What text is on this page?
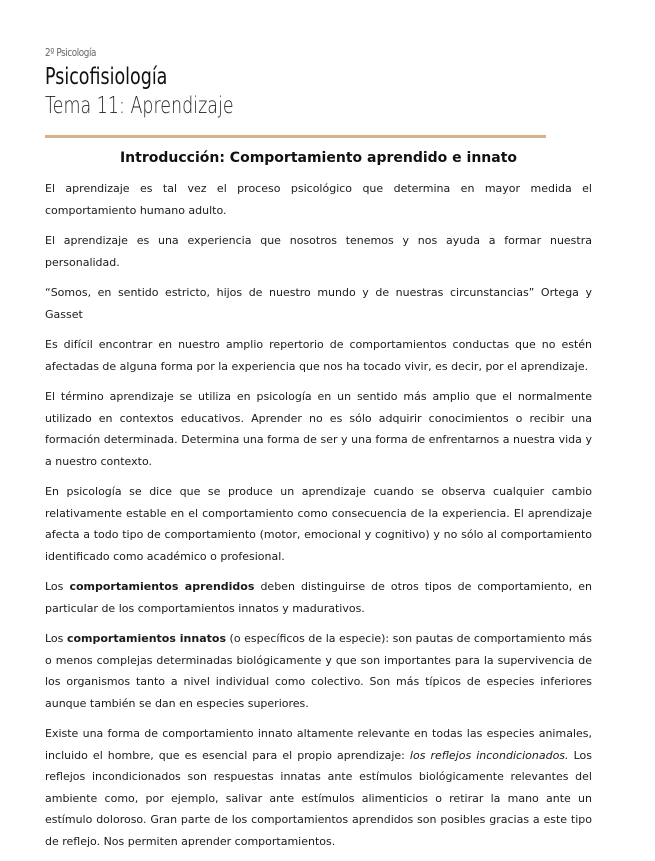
2º Psicología
Psicofisiología
Tema 11: Aprendizaje
Introducción: Comportamiento aprendido e innato

El aprendizaje es tal vez el proceso psicológico que determina en mayor medida el comportamiento humano adulto.

El aprendizaje es una experiencia que nosotros tenemos y nos ayuda a formar nuestra personalidad.

“Somos, en sentido estricto, hijos de nuestro mundo y de nuestras circunstancias” Ortega y Gasset

Es difícil encontrar en nuestro amplio repertorio de comportamientos conductas que no estén afectadas de alguna forma por la experiencia que nos ha tocado vivir, es decir, por el aprendizaje.

El término aprendizaje se utiliza en psicología en un sentido más amplio que el normalmente utilizado en contextos educativos. Aprender no es sólo adquirir conocimientos o recibir una formación determinada. Determina una forma de ser y una forma de enfrentarnos a nuestra vida y a nuestro contexto.

En psicología se dice que se produce un aprendizaje cuando se observa cualquier cambio relativamente estable en el comportamiento como consecuencia de la experiencia. El aprendizaje afecta a todo tipo de comportamiento (motor, emocional y cognitivo) y no sólo al comportamiento identificado como académico o profesional.

Los comportamientos aprendidos deben distinguirse de otros tipos de comportamiento, en particular de los comportamientos innatos y madurativos.

Los comportamientos innatos (o específicos de la especie): son pautas de comportamiento más o menos complejas determinadas biológicamente y que son importantes para la supervivencia de los organismos tanto a nivel individual como colectivo. Son más típicos de especies inferiores aunque también se dan en especies superiores.

Existe una forma de comportamiento innato altamente relevante en todas las especies animales, incluido el hombre, que es esencial para el propio aprendizaje: los reflejos incondicionados. Los reflejos incondicionados son respuestas innatas ante estímulos biológicamente relevantes del ambiente como, por ejemplo, salivar ante estímulos alimenticios o retirar la mano ante un estímulo doloroso. Gran parte de los comportamientos aprendidos son posibles gracias a este tipo de reflejo. Nos permiten aprender comportamientos.
